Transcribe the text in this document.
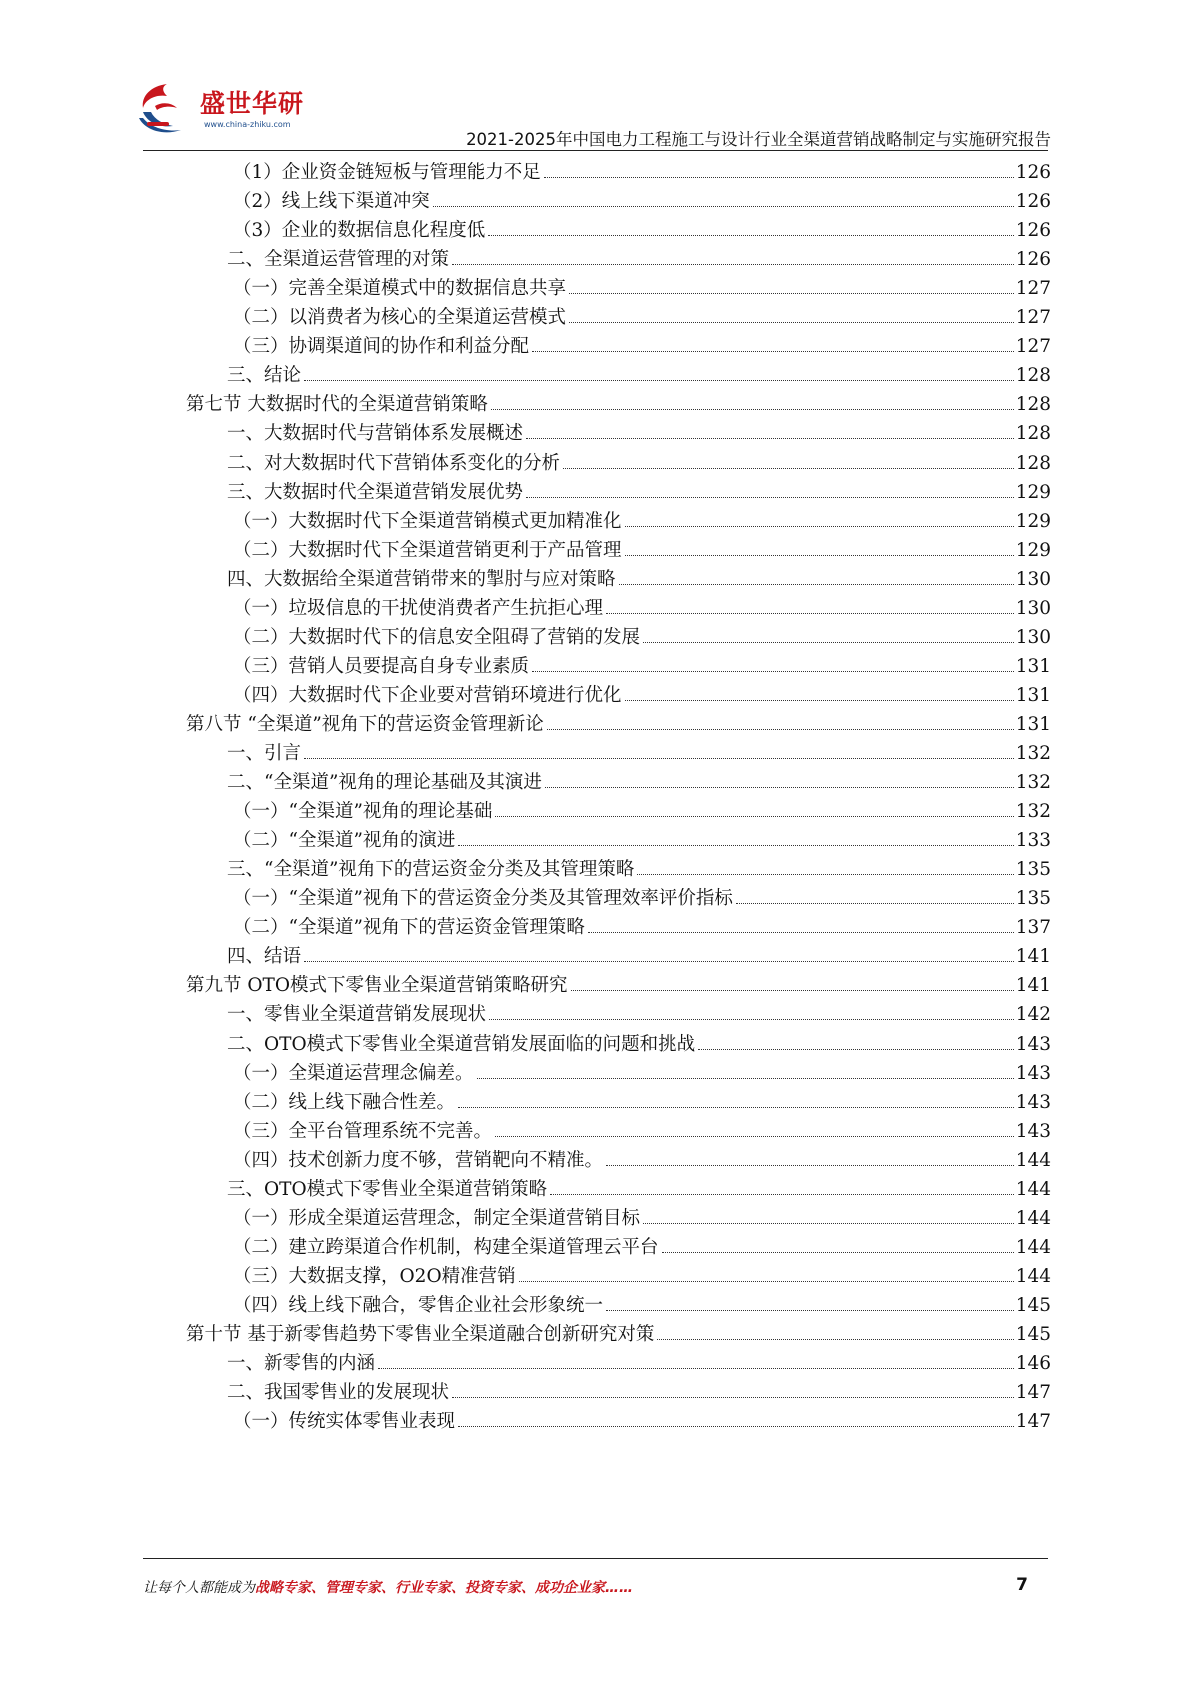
盛世华研
www.china-zhiku.com
2021-2025年中国电力工程施工与设计行业全渠道营销战略制定与实施研究报告
（1）企业资金链短板与管理能力不足	126
（2）线上线下渠道冲突	126
（3）企业的数据信息化程度低	126
二、全渠道运营管理的对策	126
（一）完善全渠道模式中的数据信息共享	127
（二）以消费者为核心的全渠道运营模式	127
（三）协调渠道间的协作和利益分配	127
三、结论	128
第七节 大数据时代的全渠道营销策略	128
一、大数据时代与营销体系发展概述	128
二、对大数据时代下营销体系变化的分析	128
三、大数据时代全渠道营销发展优势	129
（一）大数据时代下全渠道营销模式更加精准化	129
（二）大数据时代下全渠道营销更利于产品管理	129
四、大数据给全渠道营销带来的掣肘与应对策略	130
（一）垃圾信息的干扰使消费者产生抗拒心理	130
（二）大数据时代下的信息安全阻碍了营销的发展	130
（三）营销人员要提高自身专业素质	131
（四）大数据时代下企业要对营销环境进行优化	131
第八节 “全渠道”视角下的营运资金管理新论	131
一、引言	132
二、“全渠道”视角的理论基础及其演进	132
（一）“全渠道”视角的理论基础	132
（二）“全渠道”视角的演进	133
三、“全渠道”视角下的营运资金分类及其管理策略	135
（一）“全渠道”视角下的营运资金分类及其管理效率评价指标	135
（二）“全渠道”视角下的营运资金管理策略	137
四、结语	141
第九节 OTO模式下零售业全渠道营销策略研究	141
一、零售业全渠道营销发展现状	142
二、OTO模式下零售业全渠道营销发展面临的问题和挑战	143
（一）全渠道运营理念偏差。	143
（二）线上线下融合性差。	143
（三）全平台管理系统不完善。	143
（四）技术创新力度不够，营销靶向不精准。	144
三、OTO模式下零售业全渠道营销策略	144
（一）形成全渠道运营理念，制定全渠道营销目标	144
（二）建立跨渠道合作机制，构建全渠道管理云平台	144
（三）大数据支撑，O2O精准营销	144
（四）线上线下融合，零售企业社会形象统一	145
第十节 基于新零售趋势下零售业全渠道融合创新研究对策	145
一、新零售的内涵	146
二、我国零售业的发展现状	147
（一）传统实体零售业表现	147
让每个人都能成为战略专家、管理专家、行业专家、投资专家、成功企业家……	7
